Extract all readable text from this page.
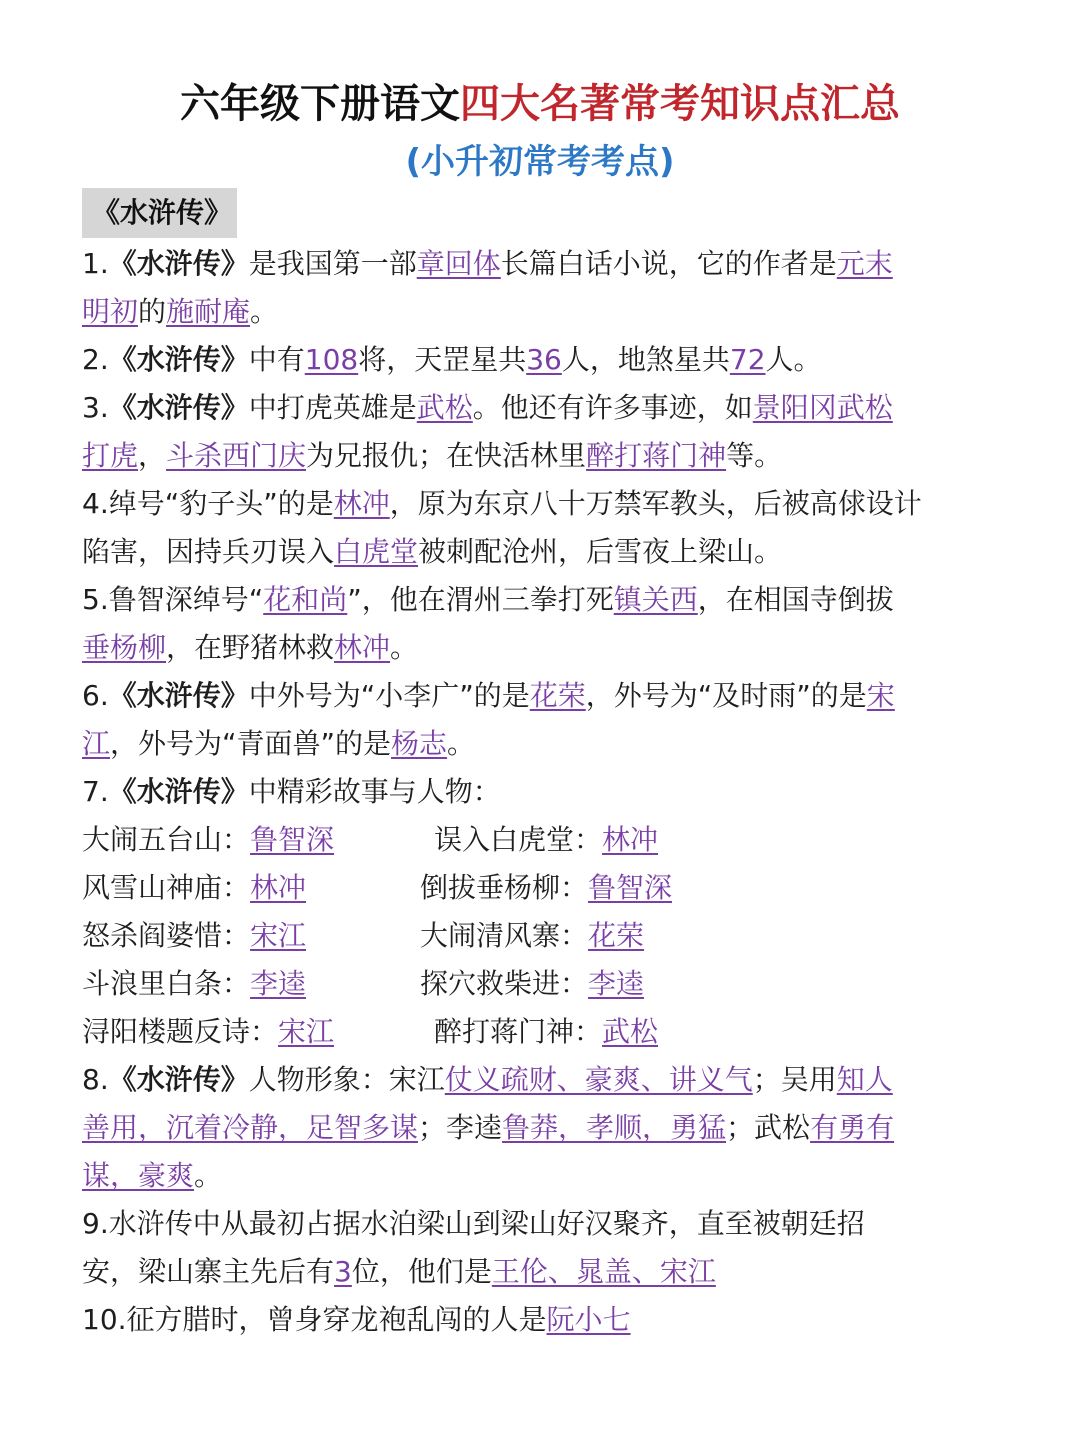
六年级下册语文四大名著常考知识点汇总
(小升初常考考点)
《水浒传》
1.《水浒传》是我国第一部章回体长篇白话小说，它的作者是元末
明初的施耐庵。
2.《水浒传》中有108将，天罡星共36人，地煞星共72人。
3.《水浒传》中打虎英雄是武松。他还有许多事迹，如景阳冈武松
打虎，斗杀西门庆为兄报仇；在快活林里醉打蒋门神等。
4.绰号“豹子头”的是林冲，原为东京八十万禁军教头，后被高俅设计
陷害，因持兵刃误入白虎堂被刺配沧州，后雪夜上梁山。
5.鲁智深绰号“花和尚”，他在渭州三拳打死镇关西，在相国寺倒拔
垂杨柳，在野猪林救林冲。
6.《水浒传》中外号为“小李广”的是花荣，外号为“及时雨”的是宋
江，外号为“青面兽”的是杨志。
7.《水浒传》中精彩故事与人物：
大闹五台山：鲁智深	误入白虎堂：林冲
风雪山神庙：林冲	倒拔垂杨柳：鲁智深
怒杀阎婆惜：宋江	大闹清风寨：花荣
斗浪里白条：李逵	探穴救柴进：李逵
浔阳楼题反诗：宋江	醉打蒋门神：武松
8.《水浒传》人物形象：宋江仗义疏财、豪爽、讲义气；吴用知人
善用，沉着冷静，足智多谋；李逵鲁莽，孝顺，勇猛；武松有勇有
谋，豪爽。
9.水浒传中从最初占据水泊梁山到梁山好汉聚齐，直至被朝廷招
安，梁山寨主先后有3位，他们是王伦、晁盖、宋江
10.征方腊时，曾身穿龙袍乱闯的人是阮小七
